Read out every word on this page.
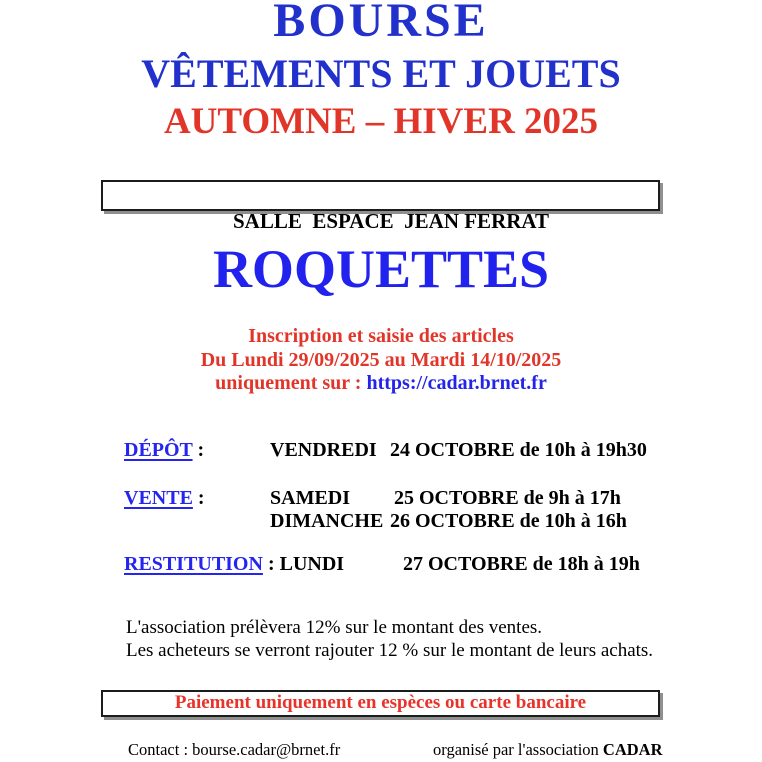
BOURSE
VÊTEMENTS ET JOUETS
AUTOMNE – HIVER 2025

SALLE  ESPACE  JEAN FERRAT

ROQUETTES
Inscription et saisie des articles
Du Lundi 29/09/2025 au Mardi 14/10/2025
uniquement sur : https://cadar.brnet.fr
DÉPÔT :	VENDREDI 24 OCTOBRE de 10h à 19h30
VENTE :	SAMEDI 25 OCTOBRE de 9h à 17h
DIMANCHE 26 OCTOBRE de 10h à 16h
RESTITUTION : LUNDI	27 OCTOBRE de 18h à 19h
L'association prélèvera 12% sur le montant des ventes.
Les acheteurs se verront rajouter 12 % sur le montant de leurs achats.
Paiement uniquement en espèces ou carte bancaire
Contact : bourse.cadar@brnet.fr	organisé par l'association CADAR
